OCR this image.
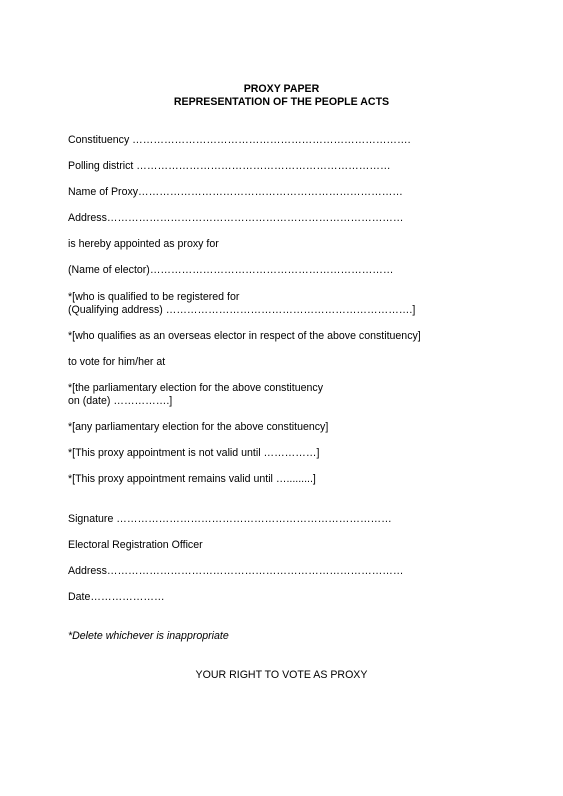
PROXY PAPER
REPRESENTATION OF THE PEOPLE ACTS
Constituency …………………………………………………………………….
Polling district ………………………………………………………………
Name of Proxy…………………………………………………………………
Address…………………………………………………………………………
is hereby appointed as proxy for
(Name of elector)……………………………………………………………
*[who is qualified to be registered for
(Qualifying address) …………………………………………………………….]
*[who qualifies as an overseas elector in respect of the above constituency]
to vote for him/her at
*[the parliamentary election for the above constituency
on (date) …………….]
*[any parliamentary election for the above constituency]
*[This proxy appointment is not valid until ……………]
*[This proxy appointment remains valid until ….........]
Signature ……………………………………………………………………
Electoral Registration Officer
Address…………………………………………………………………………
Date…………………
*Delete whichever is inappropriate
YOUR RIGHT TO VOTE AS PROXY
